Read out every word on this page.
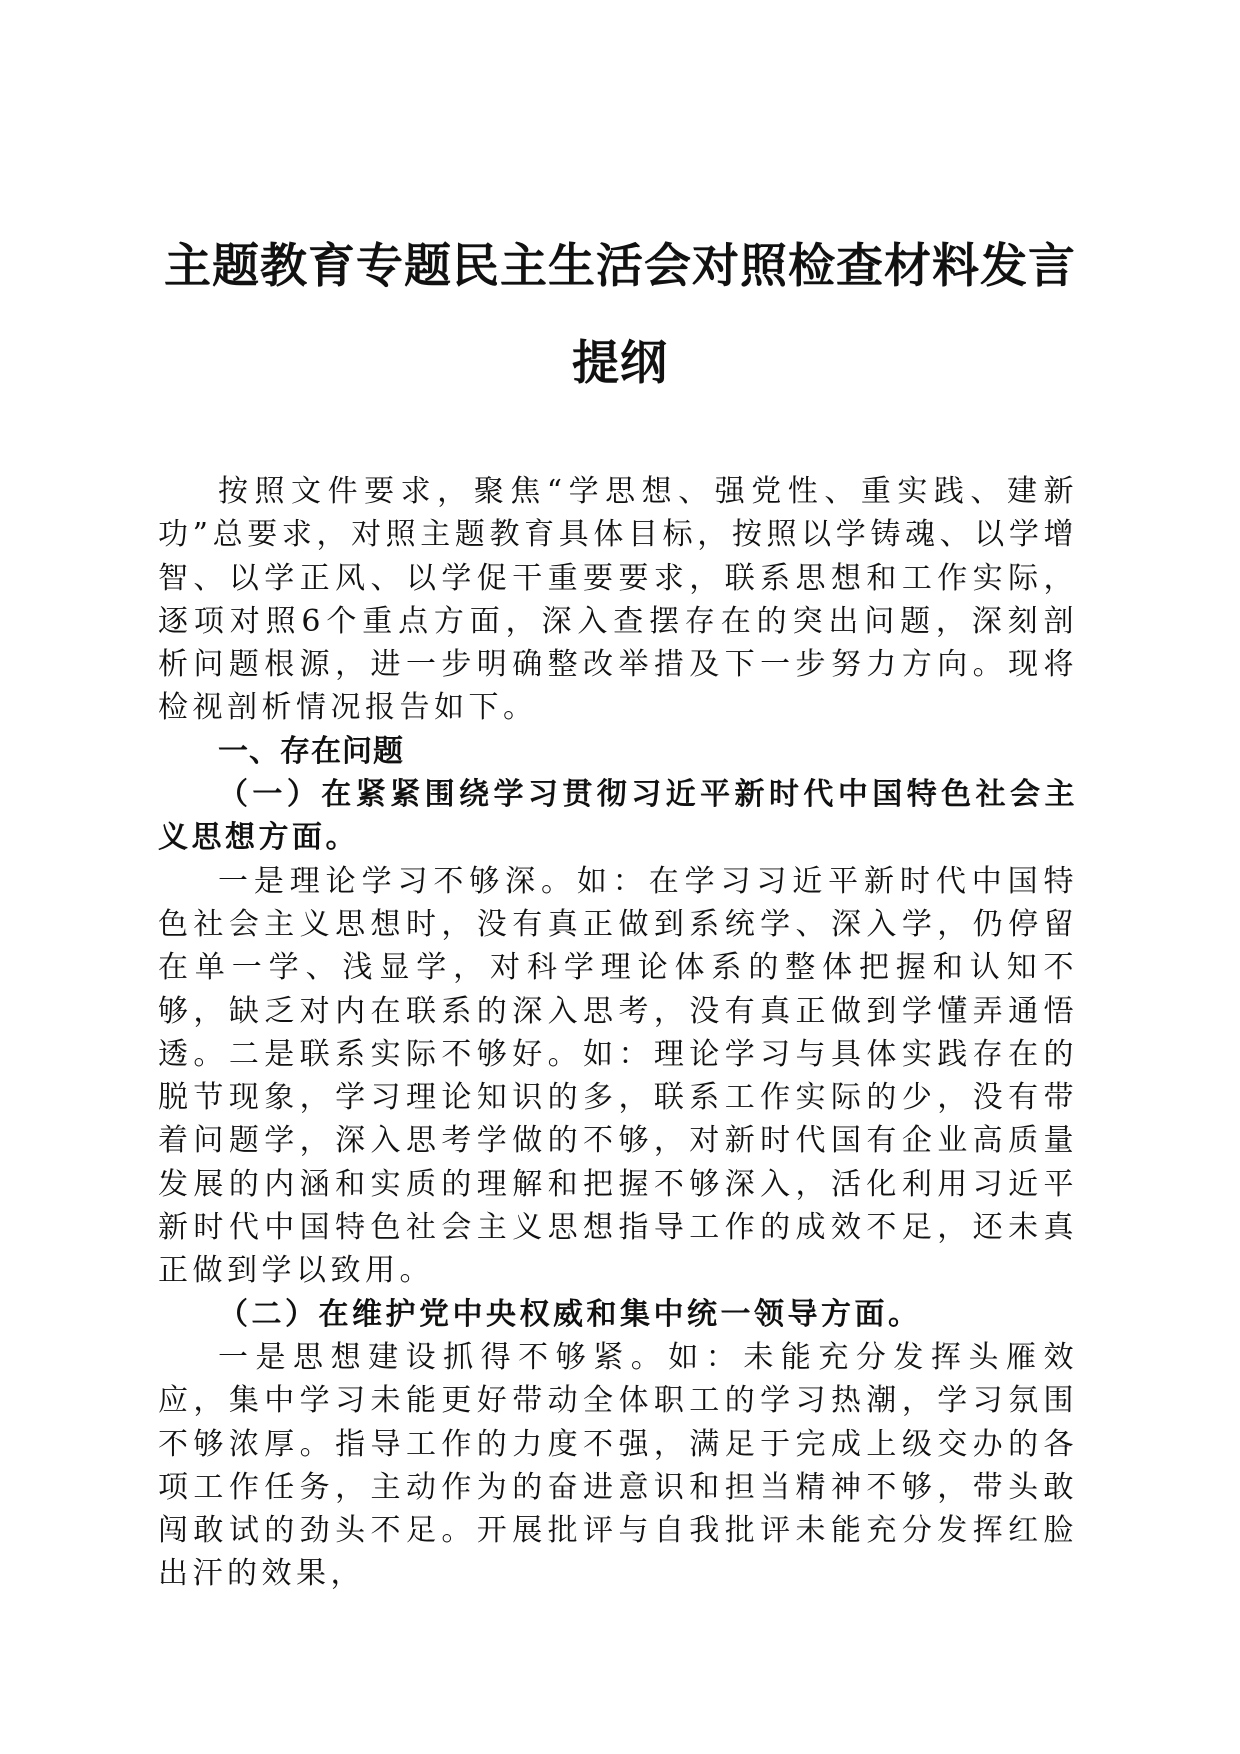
主题教育专题民主生活会对照检查材料发言提纲

按照文件要求，聚焦“学思想、强党性、重实践、建新功”总要求，对照主题教育具体目标，按照以学铸魂、以学增智、以学正风、以学促干重要要求，联系思想和工作实际，逐项对照6个重点方面，深入查摆存在的突出问题，深刻剖析问题根源，进一步明确整改举措及下一步努力方向。现将检视剖析情况报告如下。

一、存在问题

（一）在紧紧围绕学习贯彻习近平新时代中国特色社会主义思想方面。

一是理论学习不够深。如：在学习习近平新时代中国特色社会主义思想时，没有真正做到系统学、深入学，仍停留在单一学、浅显学，对科学理论体系的整体把握和认知不够，缺乏对内在联系的深入思考，没有真正做到学懂弄通悟透。二是联系实际不够好。如：理论学习与具体实践存在的脱节现象，学习理论知识的多，联系工作实际的少，没有带着问题学，深入思考学做的不够，对新时代国有企业高质量发展的内涵和实质的理解和把握不够深入，活化利用习近平新时代中国特色社会主义思想指导工作的成效不足，还未真正做到学以致用。

（二）在维护党中央权威和集中统一领导方面。

一是思想建设抓得不够紧。如：未能充分发挥头雁效应，集中学习未能更好带动全体职工的学习热潮，学习氛围不够浓厚。指导工作的力度不强，满足于完成上级交办的各项工作任务，主动作为的奋进意识和担当精神不够，带头敢闯敢试的劲头不足。开展批评与自我批评未能充分发挥红脸出汗的效果，
